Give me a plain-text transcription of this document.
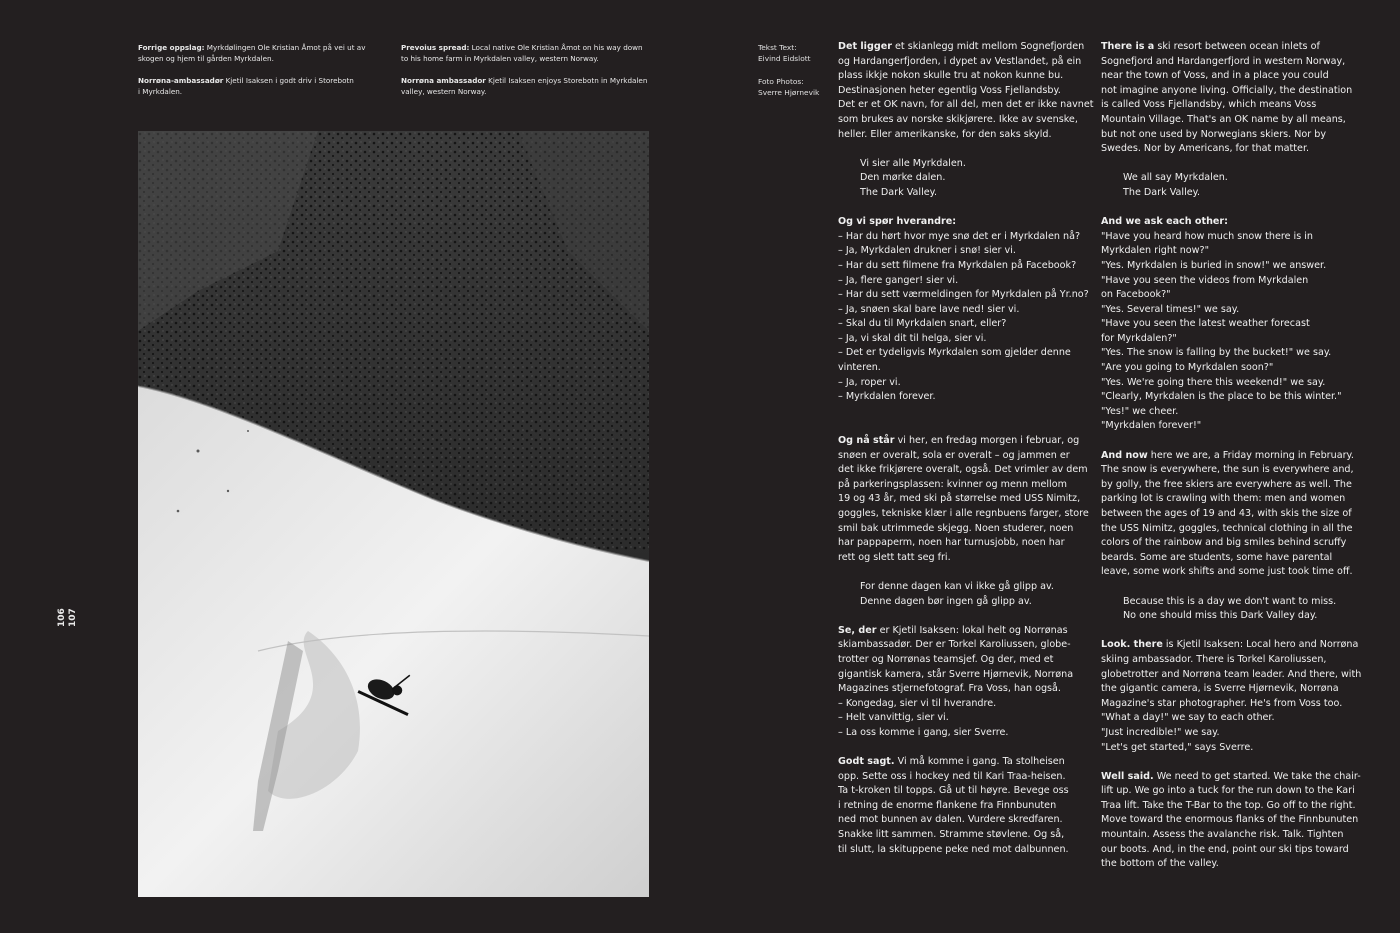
Forrige oppslag: Myrkdølingen Ole Kristian Åmot på vei ut av
skogen og hjem til gården Myrkdalen.

Norrøna-ambassadør Kjetil Isaksen i godt driv i Storebotn
i Myrkdalen.

Prevoius spread: Local native Ole Kristian Åmot on his way down
to his home farm in Myrkdalen valley, western Norway.

Norrøna ambassador Kjetil Isaksen enjoys Storebotn in Myrkdalen
valley, western Norway.

106 107
Tekst Text:
Eivind Eidslott
Foto Photos:
Sverre Hjørnevik
Det ligger et skianlegg midt mellom Sognefjorden
og Hardangerfjorden, i dypet av Vestlandet, på ein
plass ikkje nokon skulle tru at nokon kunne bu.
Destinasjonen heter egentlig Voss Fjellandsby.
Det er et OK navn, for all del, men det er ikke navnet
som brukes av norske skikjørere. Ikke av svenske,
heller. Eller amerikanske, for den saks skyld.
Vi sier alle Myrkdalen.
Den mørke dalen.
The Dark Valley.
Og vi spør hverandre:
– Har du hørt hvor mye snø det er i Myrkdalen nå?
– Ja, Myrkdalen drukner i snø! sier vi.
– Har du sett filmene fra Myrkdalen på Facebook?
– Ja, flere ganger! sier vi.
– Har du sett værmeldingen for Myrkdalen på Yr.no?
– Ja, snøen skal bare lave ned! sier vi.
– Skal du til Myrkdalen snart, eller?
– Ja, vi skal dit til helga, sier vi.
– Det er tydeligvis Myrkdalen som gjelder denne
vinteren.
– Ja, roper vi.
– Myrkdalen forever.
Og nå står vi her, en fredag morgen i februar, og
snøen er overalt, sola er overalt – og jammen er
det ikke frikjørere overalt, også. Det vrimler av dem
på parkeringsplassen: kvinner og menn mellom
19 og 43 år, med ski på størrelse med USS Nimitz,
goggles, tekniske klær i alle regnbuens farger, store
smil bak utrimmede skjegg. Noen studerer, noen
har pappaperm, noen har turnusjobb, noen har
rett og slett tatt seg fri.
For denne dagen kan vi ikke gå glipp av.
Denne dagen bør ingen gå glipp av.
Se, der er Kjetil Isaksen: lokal helt og Norrønas
skiambassadør. Der er Torkel Karoliussen, globe-
trotter og Norrønas teamsjef. Og der, med et
gigantisk kamera, står Sverre Hjørnevik, Norrøna
Magazines stjernefotograf. Fra Voss, han også.
– Kongedag, sier vi til hverandre.
– Helt vanvittig, sier vi.
– La oss komme i gang, sier Sverre.
Godt sagt. Vi må komme i gang. Ta stolheisen
opp. Sette oss i hockey ned til Kari Traa-heisen.
Ta t-kroken til topps. Gå ut til høyre. Bevege oss
i retning de enorme flankene fra Finnbunuten
ned mot bunnen av dalen. Vurdere skredfaren.
Snakke litt sammen. Stramme støvlene. Og så,
til slutt, la skituppene peke ned mot dalbunnen.
There is a ski resort between ocean inlets of
Sognefjord and Hardangerfjord in western Norway,
near the town of Voss, and in a place you could
not imagine anyone living. Officially, the destination
is called Voss Fjellandsby, which means Voss
Mountain Village. That's an OK name by all means,
but not one used by Norwegians skiers. Nor by
Swedes. Nor by Americans, for that matter.
We all say Myrkdalen.
The Dark Valley.
And we ask each other:
"Have you heard how much snow there is in
Myrkdalen right now?"
"Yes. Myrkdalen is buried in snow!" we answer.
"Have you seen the videos from Myrkdalen
on Facebook?"
"Yes. Several times!" we say.
"Have you seen the latest weather forecast
for Myrkdalen?"
"Yes. The snow is falling by the bucket!" we say.
"Are you going to Myrkdalen soon?"
"Yes. We're going there this weekend!" we say.
"Clearly, Myrkdalen is the place to be this winter."
"Yes!" we cheer.
"Myrkdalen forever!"
And now here we are, a Friday morning in February.
The snow is everywhere, the sun is everywhere and,
by golly, the free skiers are everywhere as well. The
parking lot is crawling with them: men and women
between the ages of 19 and 43, with skis the size of
the USS Nimitz, goggles, technical clothing in all the
colors of the rainbow and big smiles behind scruffy
beards. Some are students, some have parental
leave, some work shifts and some just took time off.
Because this is a day we don't want to miss.
No one should miss this Dark Valley day.
Look. there is Kjetil Isaksen: Local hero and Norrøna
skiing ambassador. There is Torkel Karoliussen,
globetrotter and Norrøna team leader. And there, with
the gigantic camera, is Sverre Hjørnevik, Norrøna
Magazine's star photographer. He's from Voss too.
"What a day!" we say to each other.
"Just incredible!" we say.
"Let's get started," says Sverre.
Well said. We need to get started. We take the chair-
lift up. We go into a tuck for the run down to the Kari
Traa lift. Take the T-Bar to the top. Go off to the right.
Move toward the enormous flanks of the Finnbunuten
mountain. Assess the avalanche risk. Talk. Tighten
our boots. And, in the end, point our ski tips toward
the bottom of the valley.
